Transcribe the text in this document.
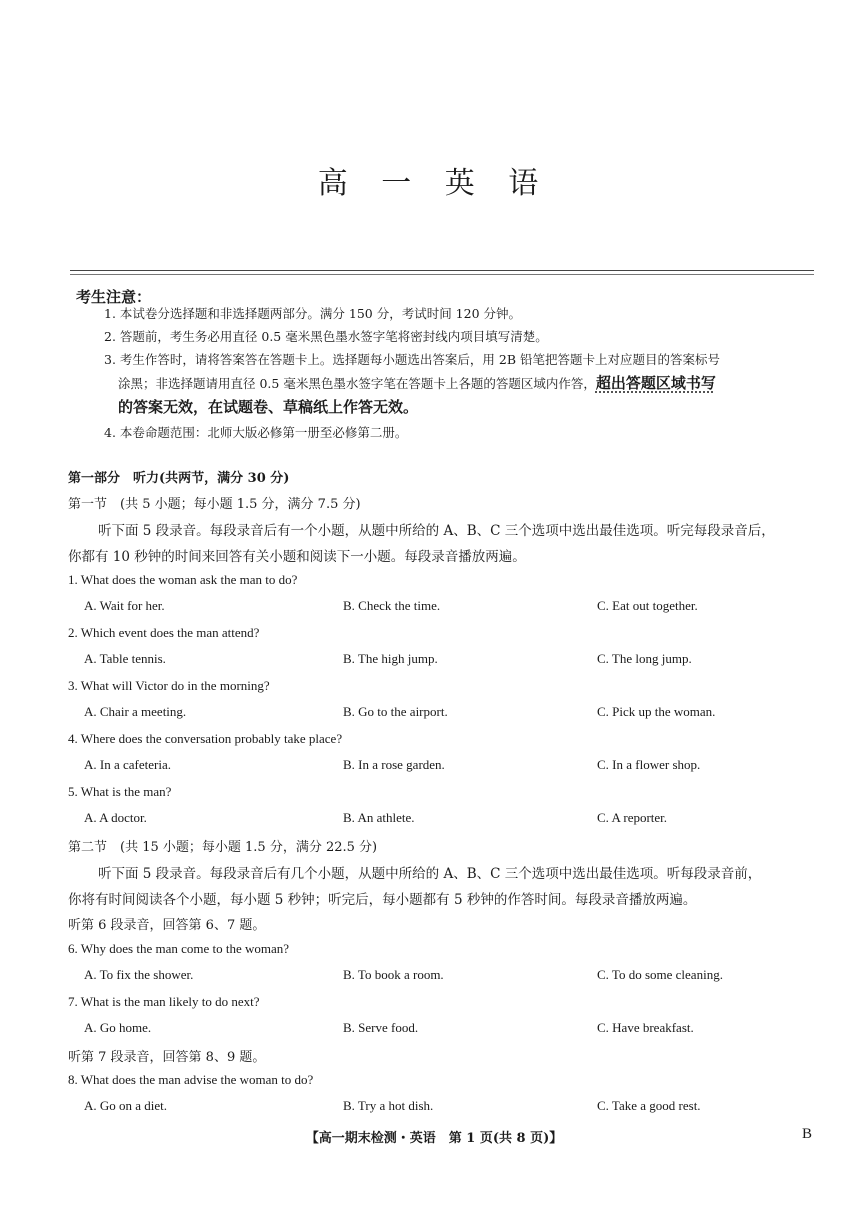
高 一 英 语
考生注意：
1. 本试卷分选择题和非选择题两部分。满分 150 分，考试时间 120 分钟。
2. 答题前，考生务必用直径 0.5 毫米黑色墨水签字笔将密封线内项目填写清楚。
3. 考生作答时，请将答案答在答题卡上。选择题每小题选出答案后，用 2B 铅笔把答题卡上对应题目的答案标号
涂黑；非选择题请用直径 0.5 毫米黑色墨水签字笔在答题卡上各题的答题区域内作答，超出答题区域书写
的答案无效，在试题卷、草稿纸上作答无效。
4. 本卷命题范围：北师大版必修第一册至必修第二册。
第一部分　听力(共两节，满分 30 分)
第一节　(共 5 小题；每小题 1.5 分，满分 7.5 分)
听下面 5 段录音。每段录音后有一个小题，从题中所给的 A、B、C 三个选项中选出最佳选项。听完每段录音后，
你都有 10 秒钟的时间来回答有关小题和阅读下一小题。每段录音播放两遍。
1. What does the woman ask the man to do?
A. Wait for her.	B. Check the time.	C. Eat out together.
2. Which event does the man attend?
A. Table tennis.	B. The high jump.	C. The long jump.
3. What will Victor do in the morning?
A. Chair a meeting.	B. Go to the airport.	C. Pick up the woman.
4. Where does the conversation probably take place?
A. In a cafeteria.	B. In a rose garden.	C. In a flower shop.
5. What is the man?
A. A doctor.	B. An athlete.	C. A reporter.
第二节　(共 15 小题；每小题 1.5 分，满分 22.5 分)
听下面 5 段录音。每段录音后有几个小题，从题中所给的 A、B、C 三个选项中选出最佳选项。听每段录音前，
你将有时间阅读各个小题，每小题 5 秒钟；听完后，每小题都有 5 秒钟的作答时间。每段录音播放两遍。
听第 6 段录音，回答第 6、7 题。
6. Why does the man come to the woman?
A. To fix the shower.	B. To book a room.	C. To do some cleaning.
7. What is the man likely to do next?
A. Go home.	B. Serve food.	C. Have breakfast.
听第 7 段录音，回答第 8、9 题。
8. What does the man advise the woman to do?
A. Go on a diet.	B. Try a hot dish.	C. Take a good rest.
【高一期末检测・英语　第 1 页(共 8 页)】	B
